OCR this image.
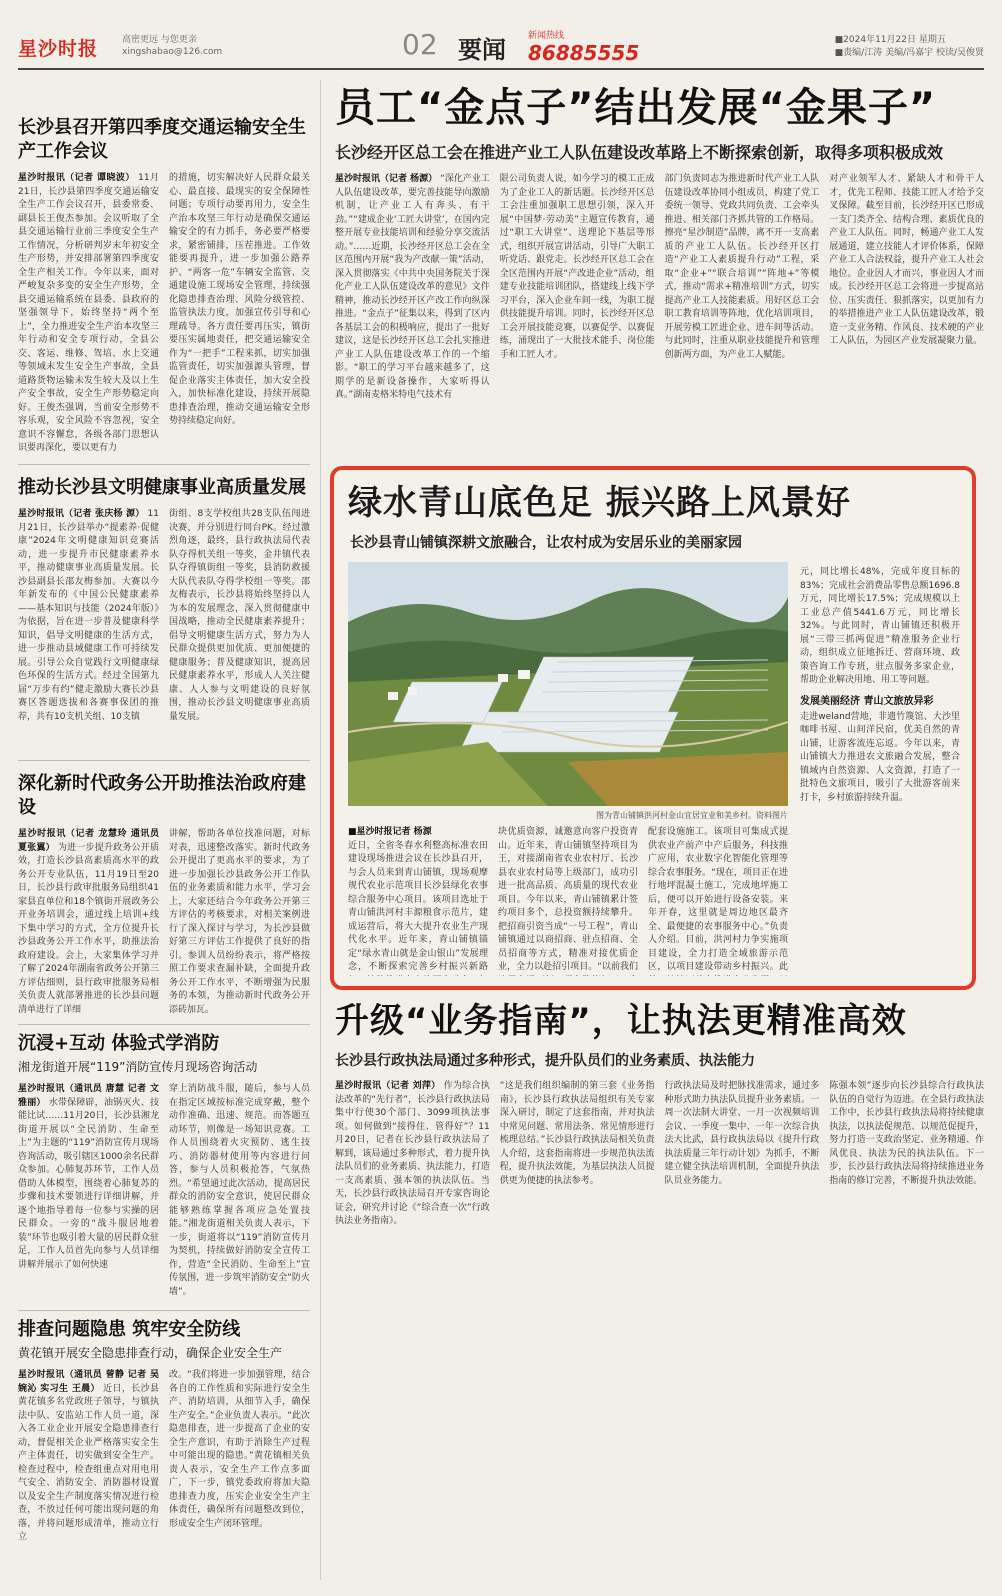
星沙时报	高密更远 与您更亲
xingshabao@126.com	02 要闻 新闻热线
86885555
■2024年11月22日 星期五
■责编/江涛 美编/冯嘉宇 校读/吴俊贤
长沙县召开第四季度交通运输安全生产工作会议
星沙时报讯（记者 谭晓波） 11月21日，长沙县第四季度交通运输安全生产工作会议召开，县委常委、副县长王俊杰参加。会议听取了全县交通运输行业前三季度安全生产工作情况，分析研判岁末年初安全生产形势，并安排部署第四季度安全生产相关工作。今年以来，面对严峻复杂多变的安全生产形势，全县交通运输系统在县委、县政府的坚强领导下，始终坚持“两个至上”，全力推进安全生产治本攻坚三年行动和安全专项行动，全县公交、客运、维修、驾培、水上交通等领域未发生安全生产事故，全县道路货物运输未发生较大及以上生产安全事故，安全生产形势稳定向好。王俊杰强调，当前安全形势不容乐观，安全风险不容忽视，安全意识不容懈怠，各级各部门思想认识要再深化，要以更有力
的措施，切实解决好人民群众最关心、最直接、最现实的安全保障性问题；专项行动要再用力，安全生产治本攻坚三年行动是确保交通运输安全的有力抓手，务必要严格要求，紧密铺排，压茬推进。工作效能要再提升，进一步加强公路养护、“两客一危”车辆安全监管、交通建设施工现场安全管理，持续强化隐患排查治理、风险分级管控、监管执法力度，加强宣传引导和心理疏导。各方责任要再压实，镇街要压实属地责任，把交通运输安全作为“一把手”工程来抓，切实加强监管责任，切实加强源头管理，督促企业落实主体责任，加大安全投入，加快标准化建设，持续开展隐患排查治理，推动交通运输安全形势持续稳定向好。
推动长沙县文明健康事业高质量发展
星沙时报讯（记者 张庆杨 源） 11月21日，长沙县举办“提素养·促健康”2024年文明健康知识竞赛活动，进一步提升市民健康素养水平，推动健康事业高质量发展。长沙县副县长邵友梅参加。大赛以今年新发布的《中国公民健康素养——基本知识与技能（2024年版）》为依据，旨在进一步普及健康科学知识，倡导文明健康的生活方式，进一步推动县域健康工作可持续发展。引导公众自觉践行文明健康绿色环保的生活方式。经过全国第九届“万步有约”健走激励大赛长沙县赛区答题选拔和各赛事保团的推荐，共有10支机关组、10支镇
街组、8支学校组共28支队伍闯进决赛，并分别进行同台PK。经过激烈角逐，最终，县行政执法局代表队夺得机关组一等奖，金井镇代表队夺得镇街组一等奖，县消防救援大队代表队夺得学校组一等奖。邵友梅表示，长沙县将始终坚持以人为本的发展理念，深入贯彻健康中国战略，推动全民健康素养提升；倡导文明健康生活方式，努力为人民群众提供更加优质、更加便捷的健康服务；普及健康知识，提高居民健康素养水平，形成人人关注健康、人人参与文明建设的良好氛围，推动长沙县文明健康事业高质量发展。
深化新时代政务公开助推法治政府建设
星沙时报讯（记者 龙慧玲 通讯员 夏张翼） 为进一步提升政务公开质效，打造长沙县高素质高水平的政务公开专业队伍，11月19日至20日，长沙县行政审批服务局组织41家县直单位和18个镇街开展政务公开业务培训会，通过线上培训+线下集中学习的方式，全方位提升长沙县政务公开工作水平，助推法治政府建设。会上，大家集体学习并了解了2024年湖南省政务公开第三方评估细则，县行政审批服务局相关负责人就部署推进的长沙县问题清单进行了详细
讲解，帮助各单位找准问题，对标对表，迅速整改落实。新时代政务公开提出了更高水平的要求，为了进一步加强长沙县政务公开工作队伍的业务素质和能力水平，学习会上，大家还结合今年政务公开第三方评估的考核要求，对相关案例进行了深入探讨与学习，为长沙县做好第三方评估工作提供了良好的指引。参训人员纷纷表示，将严格按照工作要求查漏补缺，全面提升政务公开工作水平，不断增强为民服务的本领，为推动新时代政务公开添砖加瓦。
沉浸+互动 体验式学消防
湘龙街道开展“119”消防宣传月现场咨询活动
星沙时报讯（通讯员 唐慧 记者 文雅丽） 水带保障辟，油锅灭火、技能比试……11月20日，长沙县湘龙街道开展以“全民消防、生命至上”为主题的“119”消防宣传月现场咨询活动，吸引辖区1000余名民群众参加。心肺复苏环节，工作人员借助人体模型，围绕着心肺复苏的步骤和技术要领进行详细讲解，并逐个地指导着每一位参与实操的居民群众。一旁的“战斗服居地着装”环节也吸引着大量的居民群众驻足，工作人员首先向参与人员详细讲解并展示了如何快速
穿上消防战斗服，随后，参与人员在指定区域按标准完成穿戴，整个动作准确、迅速、规范。而答题互动环节，则像是一场知识竞赛。工作人员围绕着火灾预防、逃生技巧、消防器材使用等内容进行问答，参与人员积极抢答，气氛热烈。“希望通过此次活动，提高居民群众的消防安全意识，使居民群众能够熟练掌握各项应急处置技能。”湘龙街道相关负责人表示，下一步，街道将以“119”消防宣传月为契机，持续做好消防安全宣传工作，营造“全民消防、生命至上”宣传氛围，进一步筑牢消防安全“防火墙”。
排查问题隐患 筑牢安全防线
黄花镇开展安全隐患排查行动，确保企业安全生产
星沙时报讯（通讯员 曾静 记者 吴婉沁 实习生 王晨） 近日，长沙县黄花镇多名党政班子领导，与镇执法中队、安监站工作人员一道，深入各工业企业开展安全隐患排查行动，督促相关企业严格落实安全生产主体责任，切实做到安全生产。检查过程中，检查组重点对用电用气安全、消防安全、消防器材设置以及安全生产制度落实情况进行检查，不放过任何可能出现问题的角落，并将问题形成清单，推动立行立
改。“我们将进一步加强管理，结合各自的工作性质和实际进行安全生产、消防培训，从细节入手，确保生产安全。”企业负责人表示。“此次隐患排查，进一步提高了企业的安全生产意识，有助于消除生产过程中可能出现的隐患。”黄花镇相关负责人表示，安全生产工作点多面广，下一步，镇党委政府将加大隐患排查力度，压实企业安全生产主体责任，确保所有问题整改到位，形成安全生产闭环管理。
员工“金点子”结出发展“金果子”
长沙经开区总工会在推进产业工人队伍建设改革路上不断探索创新，取得多项积极成效
星沙时报讯（记者 杨源） “深化产业工人队伍建设改革，要完善技能导向激励机制，让产业工人有奔头、有干劲。”“建成企业‘工匠大讲堂’，在国内完整开展专业技能培训和经验分享交流活动。”……近期，长沙经开区总工会在全区范围内开展“我为产改献一策”活动，深入贯彻落实《中共中央国务院关于深化产业工人队伍建设改革的意见》文件精神，推动长沙经开区产改工作向纵深推进。“金点子”征集以来，得到了区内各基层工会的积极响应，提出了一批好建议，这是长沙经开区总工会扎实推进产业工人队伍建设改革工作的一个缩影。“职工的学习平台越来越多了，这期学的是新设备操作，大家听得认真。”湖南麦格米特电气技术有
限公司负责人说，如今学习的模工正成为了企业工人的新话题。长沙经开区总工会注重加强职工思想引领，深入开展“中国梦·劳动美”主题宣传教育，通过“职工大讲堂”、送理论下基层等形式，组织开展宣讲活动，引导广大职工听党话、跟党走。长沙经开区总工会在全区范围内开展“产改进企业”活动，组建专业技能培训团队，搭建线上线下学习平台，深入企业车间一线，为职工提供技能提升培训。同时，长沙经开区总工会开展技能竞赛，以赛促学、以赛促练，涌现出了一大批技术能手、岗位能手和工匠人才。
部门负责同志为推进新时代产业工人队伍建设改革协同小组成员，构建了党工委统一领导、党政共同负责、工会牵头推进、相关部门齐抓共管的工作格局。擦亮“星沙制造”品牌，离不开一支高素质的产业工人队伍。长沙经开区打造“产业工人素质提升行动”工程，采取“企业+”“联合培训”“阵地+”等模式，推动“需求+精准培训”方式，切实提高产业工人技能素质。用好区总工会职工教育培训等阵地，优化培训项目，开展劳模工匠进企业、进车间等活动。与此同时，注重从职业技能提升和管理创新两方面，为产业工人赋能。
对产业领军人才、紧缺人才和骨干人才，优先工程师、技能工匠人才给予交叉保障。截至目前，长沙经开区已形成一支门类齐全、结构合理、素质优良的产业工人队伍。同时，畅通产业工人发展通道，建立技能人才评价体系，保障产业工人合法权益，提升产业工人社会地位。企业因人才而兴，事业因人才而成。长沙经开区总工会将进一步提高站位、压实责任、狠抓落实，以更加有力的举措推进产业工人队伍建设改革，锻造一支业务精、作风良、技术硬的产业工人队伍，为园区产业发展凝聚力量。
绿水青山底色足 振兴路上风景好
长沙县青山铺镇深耕文旅融合，让农村成为安居乐业的美丽家园
图为青山铺镇洪河村金山宜居宜业和美乡村。资料图片
元，同比增长48%，完成年度目标的83%；完成社会消费品零售总额1696.8万元，同比增长17.5%；完成规模以上工业总产值5441.6万元，同比增长32%。与此同时，青山铺镇还积极开展“三带三抓两促进”精准服务企业行动，组织成立征地拆迁、营商环境、政策咨询工作专班，驻点服务多家企业，帮助企业解决用地、用工等问题。
发展美丽经济 青山文旅放异彩
走进weland营地，非遗竹篾馆、大沙里咖啡书屋、山间洋民宿，优美自然的青山铺，让游客流连忘返。今年以来，青山铺镇大力推进农文旅融合发展，整合镇域内自然资源、人文资源，打造了一批特色文旅项目，吸引了大批游客前来打卡，乡村旅游持续升温。
■星沙时报记者 杨源
近日，全省冬春水利整高标准农田建设现场推进会议在长沙县召开，与会人员来到青山铺镇，现场观摩规代农业示范项目长沙县绿化农事综合服务中心项目。该项目选址于青山铺洪河村丰源粮食示范片，建成运营后，将大大提升农业生产现代化水平。近年来，青山铺镇锚定“绿水青山就是金山银山”发展理念，不断探索完善乡村振兴新路
块优质资源，诚邀意向客户投资青山。近年来，青山铺镇坚持项目为王，对接湖南省农业农村厅、长沙县农业农村局等上级部门，成功引进一批高品质、高质量的现代农业项目。今年以来，青山铺镇累计签约项目多个，总投资额持续攀升。把招商引资当成“一号工程”，青山铺镇通过以商招商、驻点招商、全员招商等方式，精准对接优质企业，全力以赴招引项目。“以前我们
配套设施施工。该项目可集成式提供农业产前产中产后服务，科技推广应用，农业数字化智能化管理等综合农事服务。“现在，项目正在进行地坪混凝土施工，完成地坪施工后，便可以开始进行设备安装。来年开春，这里就是周边地区最齐全、最便捷的农事服务中心。”负责人介绍。目前，洪河村力争实施项目建设，全力打造全域旅游示范区，以项目建设带动乡村振兴。此
升级“业务指南”，让执法更精准高效
长沙县行政执法局通过多种形式，提升队员们的业务素质、执法能力
星沙时报讯（记者 刘萍） 作为综合执法改革的“先行者”，长沙县行政执法局集中行使30个部门、3099项执法事项。如何做到“接得住、管得好”？11月20日，记者在长沙县行政执法局了解到，该局通过多种形式，着力提升执法队员们的业务素质、执法能力，打造一支高素质、强本领的执法队伍。当天，长沙县行政执法局召开专家咨询论证会，研究并讨论《“综合查一次”行政执法业务指南》。
“这是我们组织编制的第三套《业务指南》，长沙县行政执法局组织有关专家深入研讨，制定了这套指南，并对执法中常见问题、常用法条、常见情形进行梳理总结。”长沙县行政执法局相关负责人介绍，这套指南将进一步规范执法流程，提升执法效能，为基层执法人员提供更为便捷的执法参考。
行政执法局及时把脉找准需求，通过多种形式助力执法队员提升业务素质。一周一次法制大讲堂、一月一次视频培训会议、一季度一集中、一年一次综合执法大比武，县行政执法局以《提升行政执法质量三年行动计划》为抓手，不断建立健全执法培训机制，全面提升执法队员业务能力。
陈强本领”逐步向长沙县综合行政执法队伍的自觉行为迈进。在全县行政执法工作中，长沙县行政执法局将持续健康执法，以执法促规范、以规范促提升，努力打造一支政治坚定、业务精通、作风优良、执法为民的执法队伍。下一步，长沙县行政执法局将持续推进业务指南的修订完善，不断提升执法效能。
